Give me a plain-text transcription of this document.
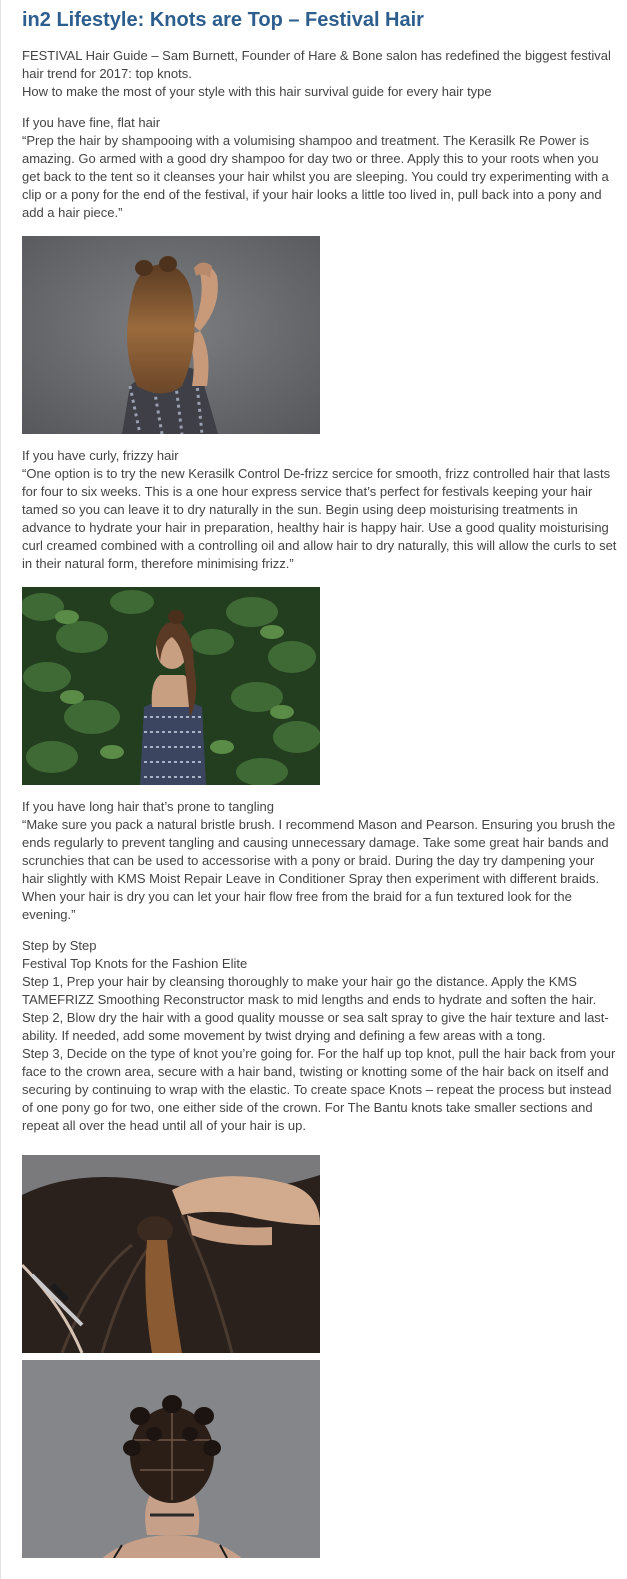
in2 Lifestyle: Knots are Top – Festival Hair

FESTIVAL Hair Guide – Sam Burnett, Founder of Hare & Bone salon has redefined the biggest festival hair trend for 2017: top knots.

How to make the most of your style with this hair survival guide for every hair type

If you have fine, flat hair

“Prep the hair by shampooing with a volumising shampoo and treatment. The Kerasilk Re Power is amazing. Go armed with a good dry shampoo for day two or three. Apply this to your roots when you get back to the tent so it cleanses your hair whilst you are sleeping. You could try experimenting with a clip or a pony for the end of the festival, if your hair looks a little too lived in, pull back into a pony and add a hair piece.”

If you have curly, frizzy hair

“One option is to try the new Kerasilk Control De-frizz sercice for smooth, frizz controlled hair that lasts for four to six weeks. This is a one hour express service that’s perfect for festivals keeping your hair tamed so you can leave it to dry naturally in the sun. Begin using deep moisturising treatments in advance to hydrate your hair in preparation, healthy hair is happy hair. Use a good quality moisturising curl creamed combined with a controlling oil and allow hair to dry naturally, this will allow the curls to set in their natural form, therefore minimising frizz.”

If you have long hair that’s prone to tangling

“Make sure you pack a natural bristle brush. I recommend Mason and Pearson. Ensuring you brush the ends regularly to prevent tangling and causing unnecessary damage. Take some great hair bands and scrunchies that can be used to accessorise with a pony or braid. During the day try dampening your hair slightly with KMS Moist Repair Leave in Conditioner Spray then experiment with different braids. When your hair is dry you can let your hair flow free from the braid for a fun textured look for the evening.”

Step by Step

Festival Top Knots for the Fashion Elite

Step 1, Prep your hair by cleansing thoroughly to make your hair go the distance. Apply the KMS TAMEFRIZZ Smoothing Reconstructor mask to mid lengths and ends to hydrate and soften the hair.

Step 2, Blow dry the hair with a good quality mousse or sea salt spray to give the hair texture and last-ability. If needed, add some movement by twist drying and defining a few areas with a tong.

Step 3, Decide on the type of knot you’re going for. For the half up top knot, pull the hair back from your face to the crown area, secure with a hair band, twisting or knotting some of the hair back on itself and securing by continuing to wrap with the elastic. To create space Knots – repeat the process but instead of one pony go for two, one either side of the crown. For The Bantu knots take smaller sections and repeat all over the head until all of your hair is up.
